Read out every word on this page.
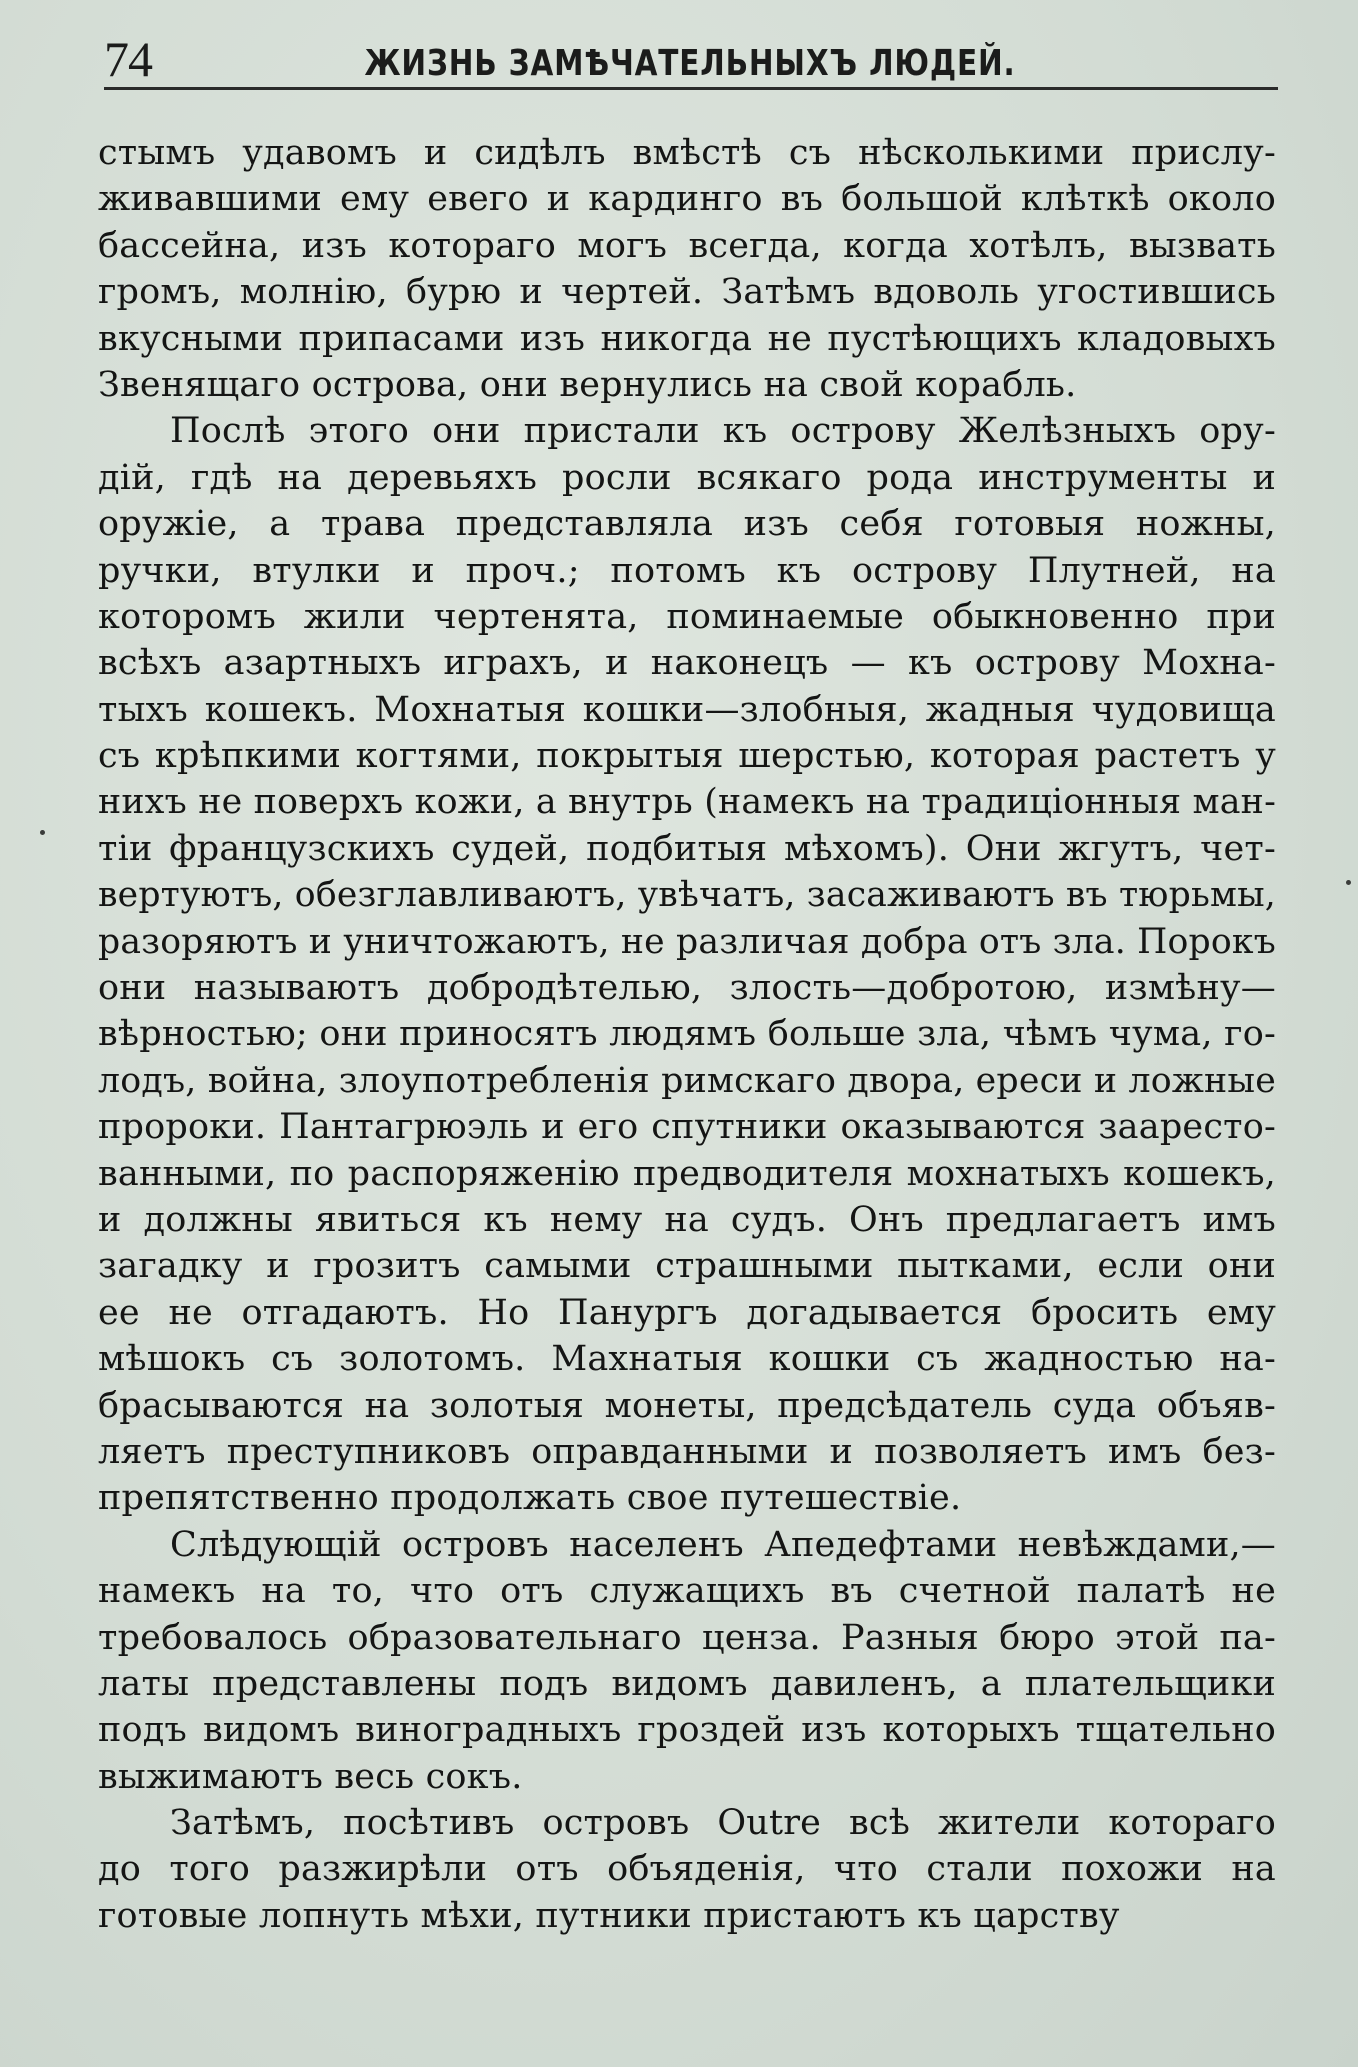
74	ЖИЗНЬ ЗАМѢЧАТЕЛЬНЫХЪ ЛЮДЕЙ.
стымъ удавомъ и сидѣлъ вмѣстѣ съ нѣсколькими прислу-
живавшими ему евего и кардинго въ большой клѣткѣ около
бассейна, изъ котораго могъ всегда, когда хотѣлъ, вызвать
громъ, молнію, бурю и чертей. Затѣмъ вдоволь угостившись
вкусными припасами изъ никогда не пустѣющихъ кладовыхъ
Звенящаго острова, они вернулись на свой корабль.
Послѣ этого они пристали къ острову Желѣзныхъ ору-
дій, гдѣ на деревьяхъ росли всякаго рода инструменты и
оружіе, а трава представляла изъ себя готовыя ножны,
ручки, втулки и проч.; потомъ къ острову Плутней, на
которомъ жили чертенята, поминаемые обыкновенно при
всѣхъ азартныхъ играхъ, и наконецъ — къ острову Мохна-
тыхъ кошекъ. Мохнатыя кошки—злобныя, жадныя чудовища
съ крѣпкими когтями, покрытыя шерстью, которая растетъ у
нихъ не поверхъ кожи, а внутрь (намекъ на традиціонныя ман-
тіи французскихъ судей, подбитыя мѣхомъ). Они жгутъ, чет-
вертуютъ, обезглавливаютъ, увѣчатъ, засаживаютъ въ тюрьмы,
разоряютъ и уничтожаютъ, не различая добра отъ зла. Порокъ
они называютъ добродѣтелью, злость—добротою, измѣну—
вѣрностью; они приносятъ людямъ больше зла, чѣмъ чума, го-
лодъ, война, злоупотребленія римскаго двора, ереси и ложные
пророки. Пантагрюэль и его спутники оказываются заaресто-
ванными, по распоряженію предводителя мохнатыхъ кошекъ,
и должны явиться къ нему на судъ. Онъ предлагаетъ имъ
загадку и грозитъ самыми страшными пытками, если они
ее не отгадаютъ. Но Панургъ догадывается бросить ему
мѣшокъ съ золотомъ. Махнатыя кошки съ жадностью на-
брасываются на золотыя монеты, предсѣдатель суда объяв-
ляетъ преступниковъ оправданными и позволяетъ имъ без-
препятственно продолжать свое путешествіе.
Слѣдующій островъ населенъ Апедефтами невѣждами,—
намекъ на то, что отъ служащихъ въ счетной палатѣ не
требовалось образовательнаго ценза. Разныя бюро этой па-
латы представлены подъ видомъ давиленъ, а плательщики
подъ видомъ виноградныхъ гроздей изъ которыхъ тщательно
выжимаютъ весь сокъ.
Затѣмъ, посѣтивъ островъ Outre всѣ жители котораго
до того разжирѣли отъ объяденія, что стали похожи на
готовые лопнуть мѣхи, путники пристаютъ къ царству
